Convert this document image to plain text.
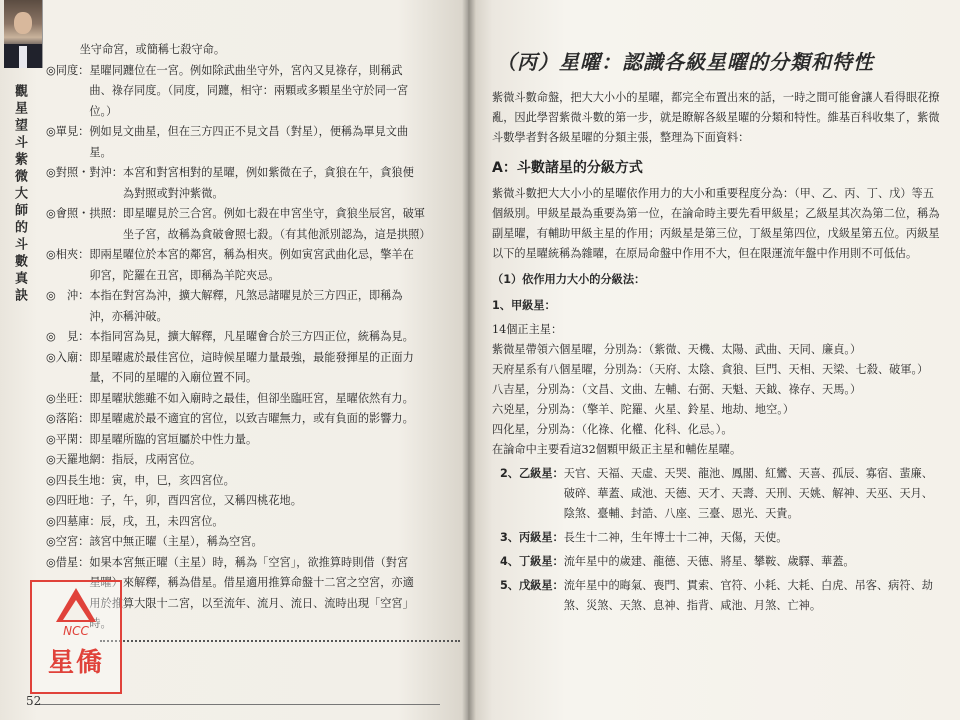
觀星望斗紫微大師的斗數真訣

坐守命宮，或簡稱七殺守命。

◎同度： 星曜同躔位在一宮。例如除武曲坐守外，宮內又見祿存，則稱武

曲、祿存同度。（同度，同躔，相守：兩顆或多顆星坐守於同一宮

位。）

◎單見： 例如見文曲星，但在三方四正不見文昌（對星），便稱為單見文曲

星。

◎對照・對沖： 本宮和對宮相對的星曜，例如紫微在子，貪狼在午，貪狼便

為對照或對沖紫微。

◎會照・拱照： 即星曜見於三合宮。例如七殺在申宮坐守，貪狼坐辰宮，破軍

坐子宮，故稱為貪破會照七殺。（有其他派別認為，這是拱照）

◎相夾： 即兩星曜位於本宮的鄰宮，稱為相夾。例如寅宮武曲化忌，擎羊在

卯宮，陀羅在丑宮，即稱為羊陀夾忌。

◎　沖： 本指在對宮為沖，擴大解釋，凡煞忌諸曜見於三方四正，即稱為

沖，亦稱沖破。

◎　見： 本指同宮為見，擴大解釋，凡星曜會合於三方四正位，統稱為見。

◎入廟： 即星曜處於最佳宮位，這時候星曜力量最強，最能發揮星的正面力

量，不同的星曜的入廟位置不同。

◎坐旺： 即星曜狀態雖不如入廟時之最佳，但卻坐臨旺宮，星曜依然有力。

◎落陷： 即星曜處於最不適宜的宮位，以致吉曜無力，或有負面的影響力。

◎平閑： 即星曜所臨的宮垣屬於中性力量。

◎天羅地網： 指辰，戌兩宮位。

◎四長生地： 寅，申，巳，亥四宮位。

◎四旺地： 子，午，卯，酉四宮位，又稱四桃花地。

◎四墓庫： 辰，戌，丑，未四宮位。

◎空宮： 該宮中無正曜（主星），稱為空宮。

◎借星： 如果本宮無正曜（主星）時，稱為「空宮」，欲推算時則借（對宮

星曜）來解釋，稱為借星。借星適用推算命盤十二宮之空宮，亦適

用於推算大限十二宮，以至流年、流月、流日、流時出現「空宮」

時。

NCC
星僑
52
（丙）星曜：認識各級星曜的分類和特性

紫微斗數命盤，把大大小小的星曜，都完全布置出來的話，一時之間可能會讓人看得眼花撩亂，因此學習紫微斗數的第一步，就是瞭解各級星曜的分類和特性。維基百科收集了，紫微斗數學者對各級星曜的分類主張，整理為下面資料：

A：斗數諸星的分級方式

紫微斗數把大大小小的星曜依作用力的大小和重要程度分為：（甲、乙、丙、丁、戊）等五個級別。甲級星最為重要為第一位，在論命時主要先看甲級星；乙級星其次為第二位，稱為副星曜，有輔助甲級主星的作用；丙級星是第三位，丁級星第四位，戊級星第五位。丙級星以下的星曜統稱為雜曜，在原局命盤中作用不大，但在限運流年盤中作用則不可低估。

（1）依作用力大小的分級法：

1、甲級星：

14個正主星：

紫微星帶領六個星曜，分別為：（紫微、天機、太陽、武曲、天同、廉貞。）

天府星系有八個星曜，分別為：（天府、太陰、貪狼、巨門、天相、天梁、七殺、破軍。）

八吉星，分別為：（文昌、文曲、左輔、右弼、天魁、天鉞、祿存、天馬。）

六兇星，分別為：（擎羊、陀羅、火星、鈴星、地劫、地空。）

四化星，分別為：（化祿、化權、化科、化忌。）。

在論命中主要看這32個顆甲級正主星和輔佐星曜。

2、乙級星： 天官、天福、天虛、天哭、龍池、鳳閣、紅鸞、天喜、孤辰、寡宿、蜚廉、破碎、華蓋、咸池、天德、天才、天壽、天刑、天姚、解神、天巫、天月、陰煞、臺輔、封誥、八座、三臺、恩光、天貴。
3、丙級星： 長生十二神，生年博士十二神，天傷，天使。
4、丁級星： 流年星中的歲建、龍德、天德、將星、攀鞍、歲驛、華蓋。
5、戊級星： 流年星中的晦氣、喪門、貫索、官符、小耗、大耗、白虎、吊客、病符、劫煞、災煞、天煞、息神、指背、咸池、月煞、亡神。
